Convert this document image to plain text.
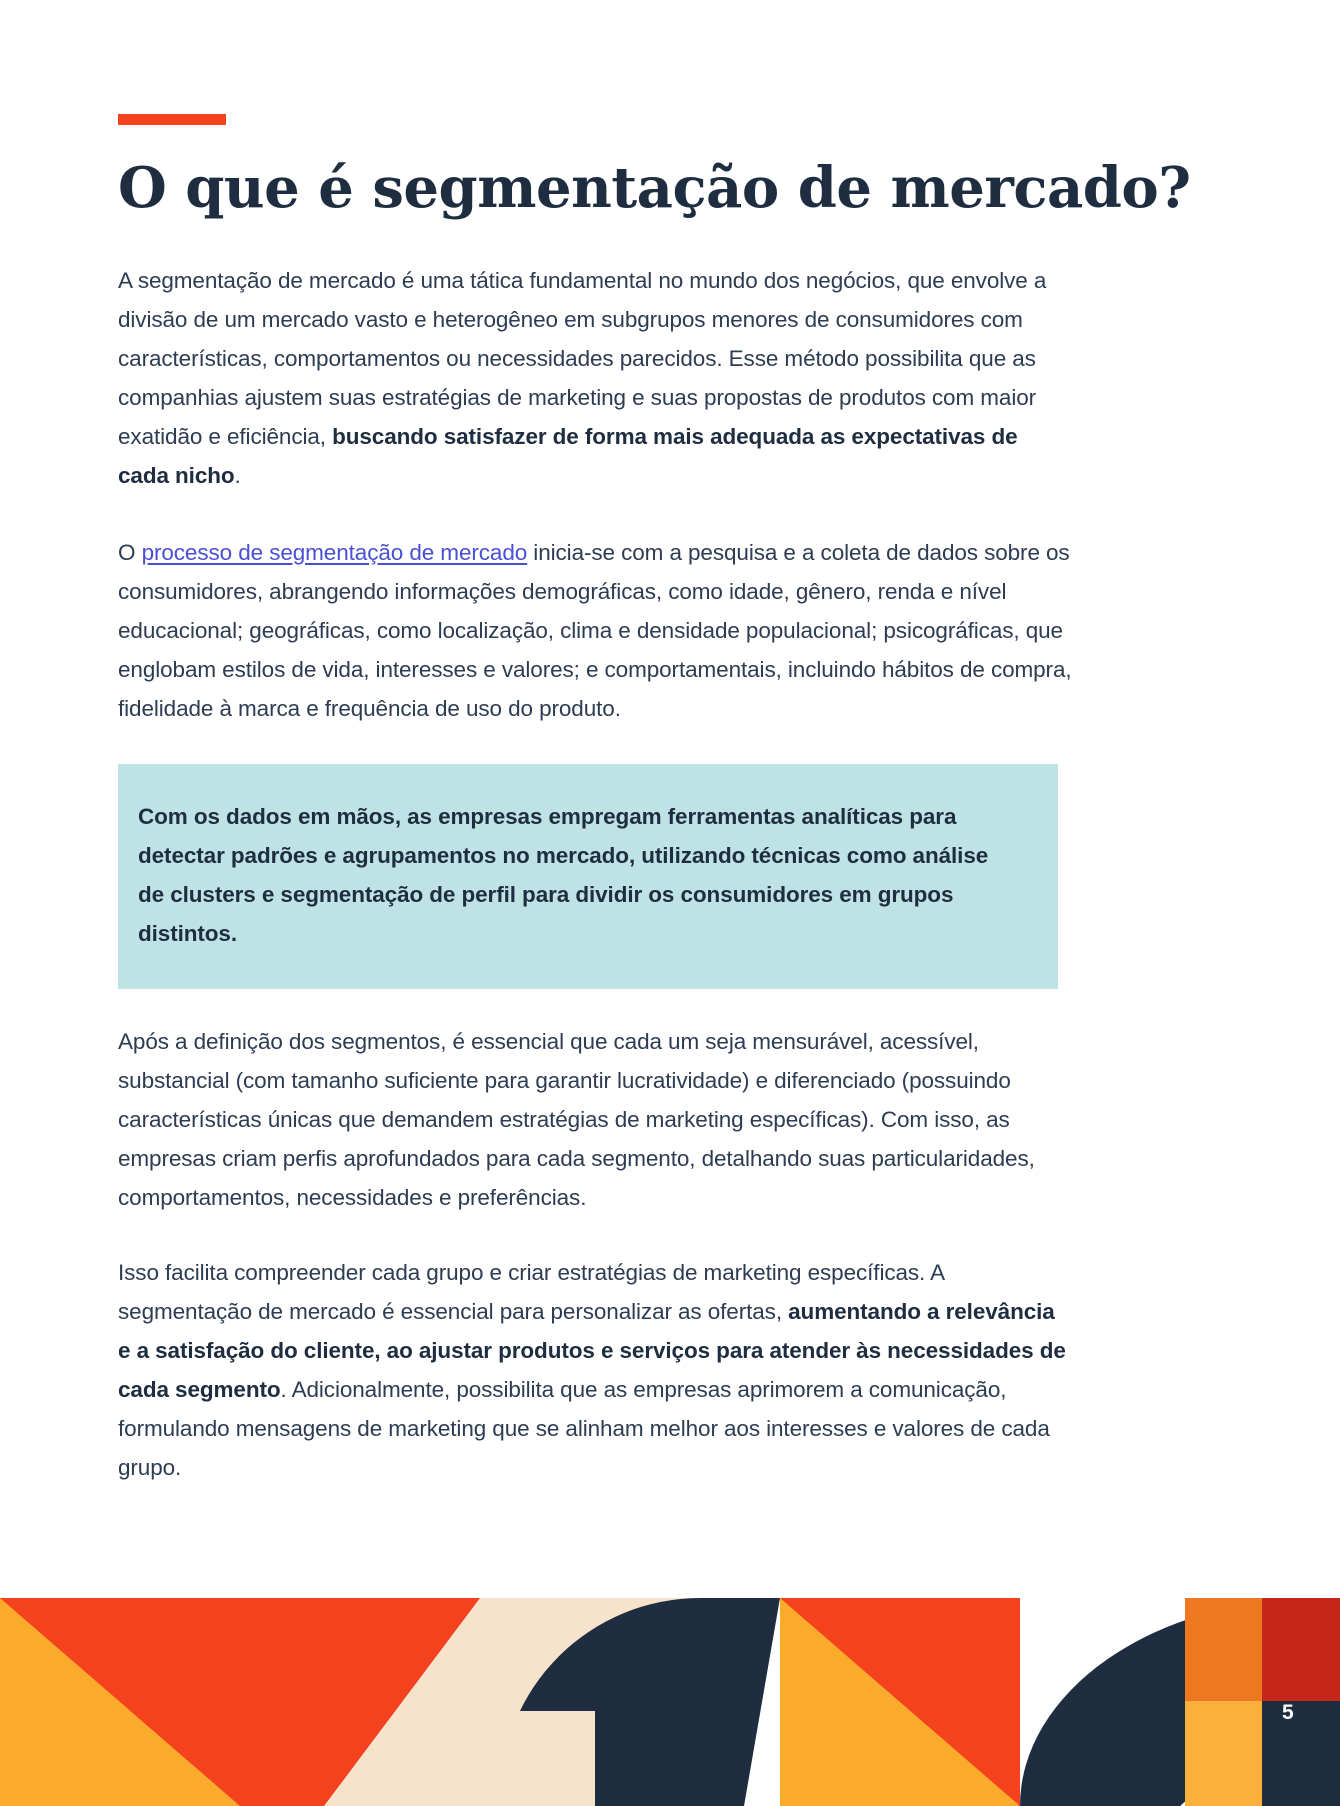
O que é segmentação de mercado?

A segmentação de mercado é uma tática fundamental no mundo dos negócios, que envolve a divisão de um mercado vasto e heterogêneo em subgrupos menores de consumidores com características, comportamentos ou necessidades parecidos. Esse método possibilita que as companhias ajustem suas estratégias de marketing e suas propostas de produtos com maior exatidão e eficiência, buscando satisfazer de forma mais adequada as expectativas de cada nicho.

O processo de segmentação de mercado inicia-se com a pesquisa e a coleta de dados sobre os consumidores, abrangendo informações demográficas, como idade, gênero, renda e nível educacional; geográficas, como localização, clima e densidade populacional; psicográficas, que englobam estilos de vida, interesses e valores; e comportamentais, incluindo hábitos de compra, fidelidade à marca e frequência de uso do produto.

Com os dados em mãos, as empresas empregam ferramentas analíticas para detectar padrões e agrupamentos no mercado, utilizando técnicas como análise de clusters e segmentação de perfil para dividir os consumidores em grupos distintos.

Após a definição dos segmentos, é essencial que cada um seja mensurável, acessível, substancial (com tamanho suficiente para garantir lucratividade) e diferenciado (possuindo características únicas que demandem estratégias de marketing específicas). Com isso, as empresas criam perfis aprofundados para cada segmento, detalhando suas particularidades, comportamentos, necessidades e preferências.

Isso facilita compreender cada grupo e criar estratégias de marketing específicas. A segmentação de mercado é essencial para personalizar as ofertas, aumentando a relevância e a satisfação do cliente, ao ajustar produtos e serviços para atender às necessidades de cada segmento. Adicionalmente, possibilita que as empresas aprimorem a comunicação, formulando mensagens de marketing que se alinham melhor aos interesses e valores de cada grupo.

5
